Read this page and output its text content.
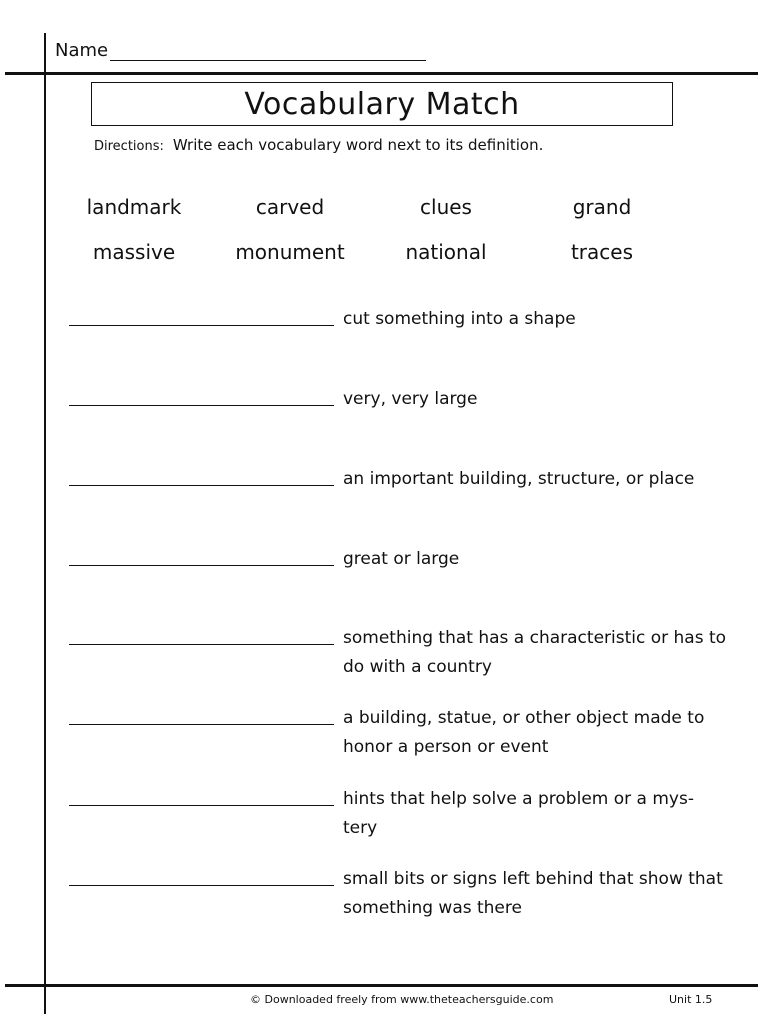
Name
Vocabulary Match
Directions: Write each vocabulary word next to its definition.
landmark	carved	clues	grand
massive	monument	national	traces
cut something into a shape
very, very large
an important building, structure, or place
great or large
something that has a characteristic or has to do with a country
a building, statue, or other object made to honor a person or event
hints that help solve a problem or a mys- tery
small bits or signs left behind that show that something was there
© Downloaded freely from www.theteachersguide.com	Unit 1.5
